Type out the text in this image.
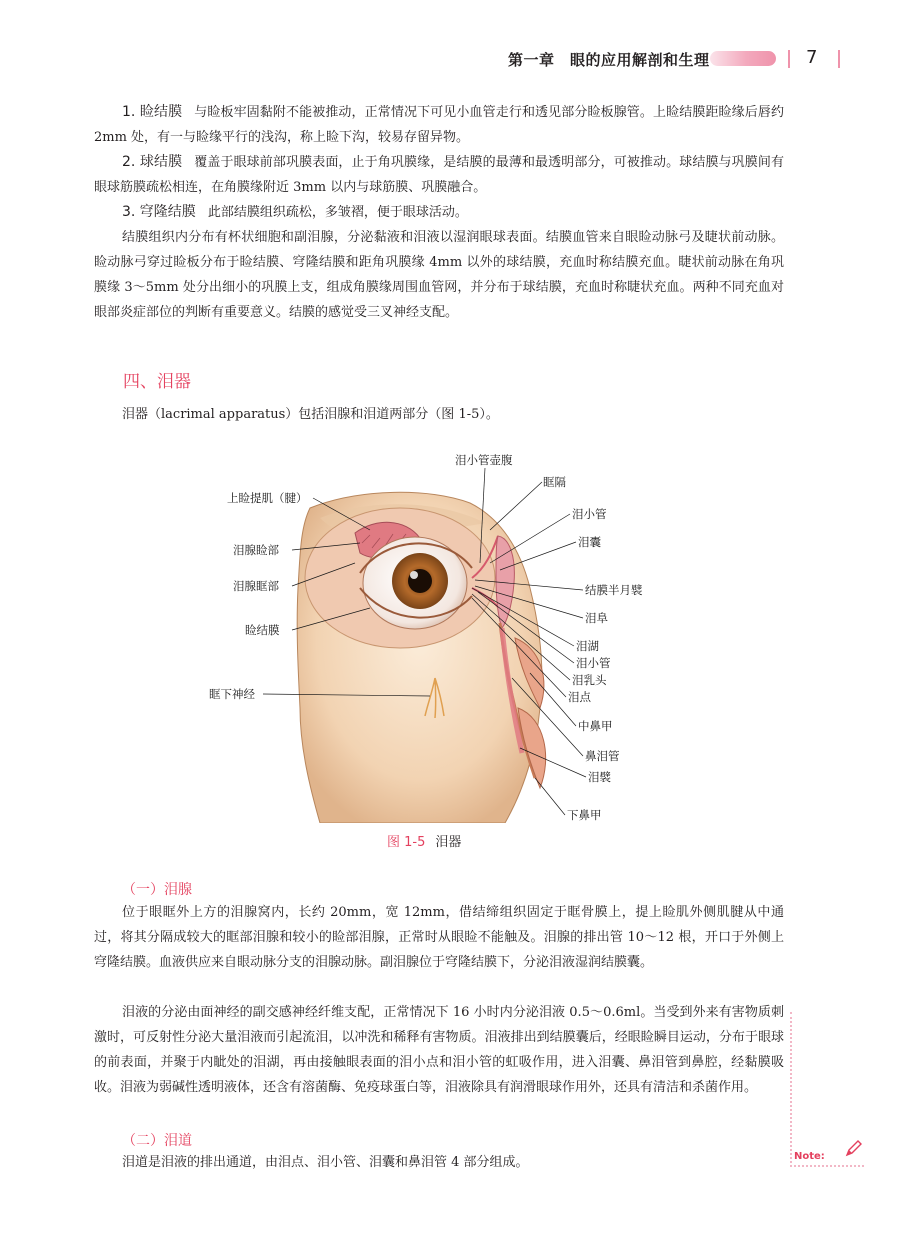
第一章　眼的应用解剖和生理	7

1. 睑结膜 与睑板牢固黏附不能被推动，正常情况下可见小血管走行和透见部分睑板腺管。上睑结膜距睑缘后唇约 2mm 处，有一与睑缘平行的浅沟，称上睑下沟，较易存留异物。

2. 球结膜 覆盖于眼球前部巩膜表面，止于角巩膜缘，是结膜的最薄和最透明部分，可被推动。球结膜与巩膜间有眼球筋膜疏松相连，在角膜缘附近 3mm 以内与球筋膜、巩膜融合。

3. 穹隆结膜 此部结膜组织疏松，多皱褶，便于眼球活动。

结膜组织内分布有杯状细胞和副泪腺，分泌黏液和泪液以湿润眼球表面。结膜血管来自眼睑动脉弓及睫状前动脉。睑动脉弓穿过睑板分布于睑结膜、穹隆结膜和距角巩膜缘 4mm 以外的球结膜，充血时称结膜充血。睫状前动脉在角巩膜缘 3～5mm 处分出细小的巩膜上支，组成角膜缘周围血管网，并分布于球结膜，充血时称睫状充血。两种不同充血对眼部炎症部位的判断有重要意义。结膜的感觉受三叉神经支配。

四、泪器

泪器（lacrimal apparatus）包括泪腺和泪道两部分（图 1-5）。

上睑提肌（腱）
泪腺睑部
泪腺眶部
睑结膜
眶下神经
泪小管壶腹
眶隔
泪小管
泪囊
结膜半月襞
泪阜
泪湖
泪小管
泪乳头
泪点
中鼻甲
鼻泪管
泪襞
下鼻甲
图 1-5 泪器
（一）泪腺

位于眼眶外上方的泪腺窝内，长约 20mm，宽 12mm，借结缔组织固定于眶骨膜上，提上睑肌外侧肌腱从中通过，将其分隔成较大的眶部泪腺和较小的睑部泪腺，正常时从眼睑不能触及。泪腺的排出管 10～12 根，开口于外侧上穹隆结膜。血液供应来自眼动脉分支的泪腺动脉。副泪腺位于穹隆结膜下，分泌泪液湿润结膜囊。

泪液的分泌由面神经的副交感神经纤维支配，正常情况下 16 小时内分泌泪液 0.5～0.6ml。当受到外来有害物质刺激时，可反射性分泌大量泪液而引起流泪，以冲洗和稀释有害物质。泪液排出到结膜囊后，经眼睑瞬目运动，分布于眼球的前表面，并聚于内眦处的泪湖，再由接触眼表面的泪小点和泪小管的虹吸作用，进入泪囊、鼻泪管到鼻腔，经黏膜吸收。泪液为弱碱性透明液体，还含有溶菌酶、免疫球蛋白等，泪液除具有润滑眼球作用外，还具有清洁和杀菌作用。

（二）泪道

泪道是泪液的排出通道，由泪点、泪小管、泪囊和鼻泪管 4 部分组成。	Note:
